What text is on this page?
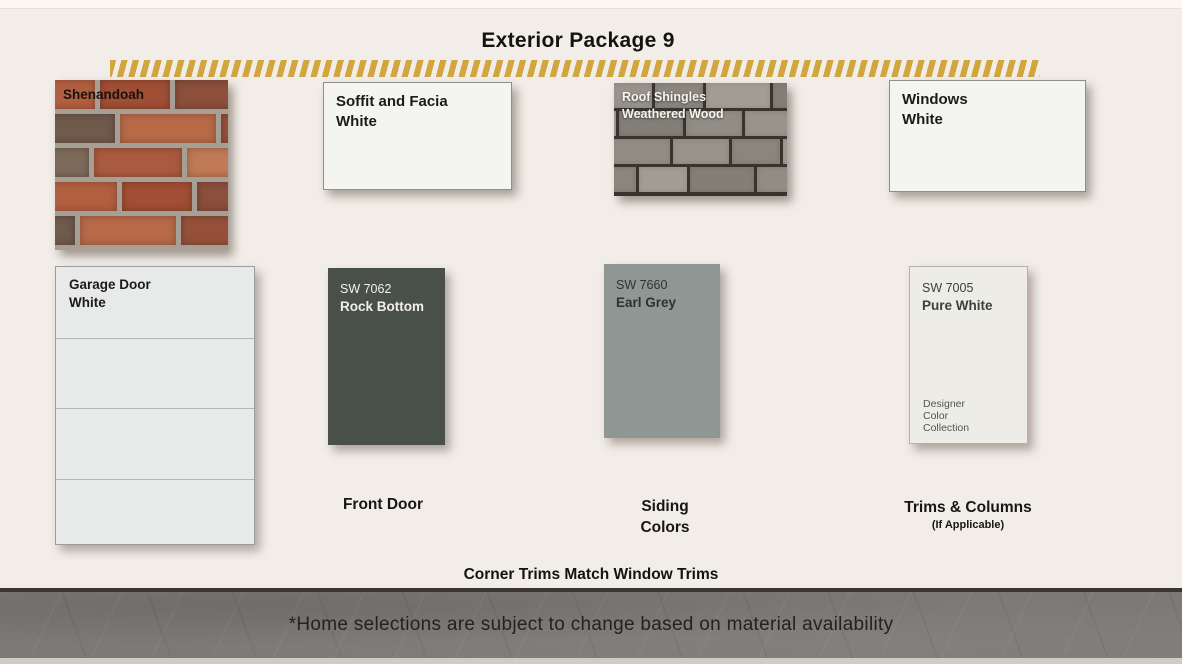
Exterior Package 9
Shenandoah	Soffit and Facia
White
Roof Shingles
Weathered Wood
Windows
White
Garage Door
White
SW 7062
Rock Bottom
SW 7660
Earl Grey
SW 7005
Pure White
Designer
Color
Collection
Front Door	Siding
Colors
Trims & Columns
(If Applicable)
Corner Trims Match Window Trims
*Home selections are subject to change based on material availability
